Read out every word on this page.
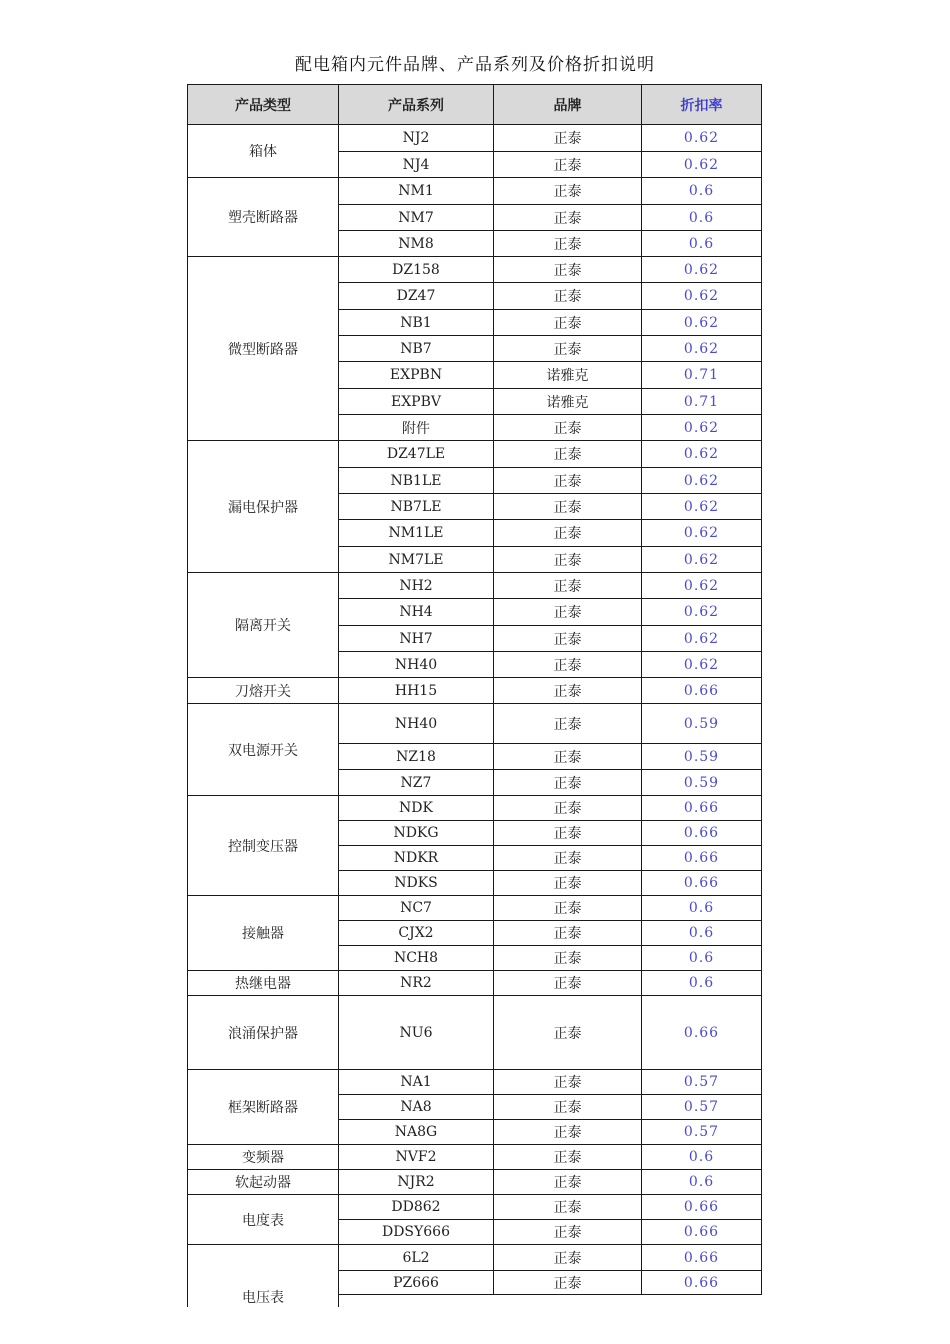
配电箱内元件品牌、产品系列及价格折扣说明
产品类型	产品系列	品牌	折扣率
箱体
NJ2	正泰	0.62
NJ4	正泰	0.62
塑壳断路器
NM1	正泰	0.6
NM7	正泰	0.6
NM8	正泰	0.6
微型断路器
DZ158	正泰	0.62
DZ47	正泰	0.62
NB1	正泰	0.62
NB7	正泰	0.62
EXPBN	诺雅克	0.71
EXPBV	诺雅克	0.71
附件	正泰	0.62
漏电保护器
DZ47LE	正泰	0.62
NB1LE	正泰	0.62
NB7LE	正泰	0.62
NM1LE	正泰	0.62
NM7LE	正泰	0.62
隔离开关
NH2	正泰	0.62
NH4	正泰	0.62
NH7	正泰	0.62
NH40	正泰	0.62
刀熔开关	HH15	正泰	0.66
双电源开关
NH40	正泰	0.59
NZ18	正泰	0.59
NZ7	正泰	0.59
控制变压器
NDK	正泰	0.66
NDKG	正泰	0.66
NDKR	正泰	0.66
NDKS	正泰	0.66
接触器
NC7	正泰	0.6
CJX2	正泰	0.6
NCH8	正泰	0.6
热继电器	NR2	正泰	0.6
浪涌保护器	NU6	正泰	0.66
框架断路器
NA1	正泰	0.57
NA8	正泰	0.57
NA8G	正泰	0.57
变频器	NVF2	正泰	0.6
软起动器	NJR2	正泰	0.6
电度表
DD862	正泰	0.66
DDSY666	正泰	0.66
电压表
6L2	正泰	0.66
PZ666	正泰	0.66
